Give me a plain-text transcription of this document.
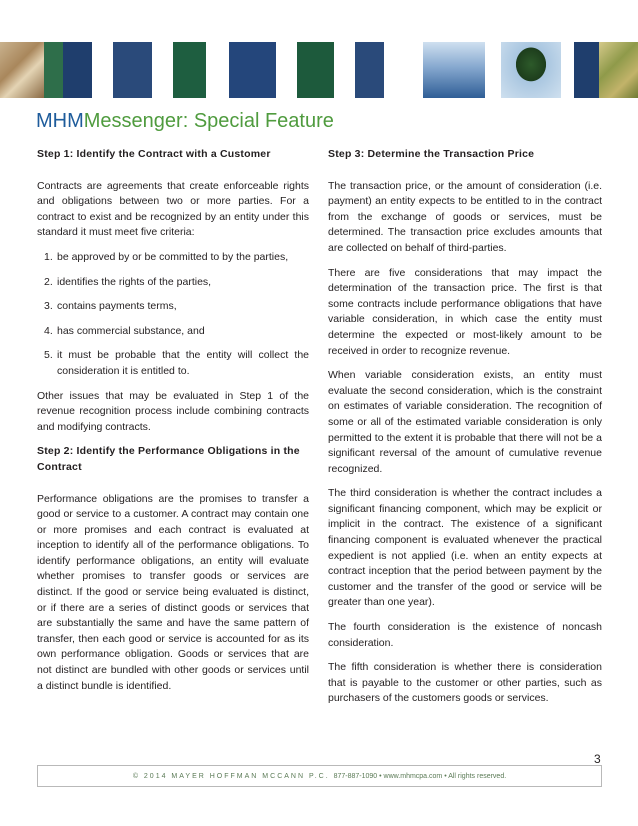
MHMMessenger: Special Feature
Step 1: Identify the Contract with a Customer

Contracts are agreements that create enforceable rights and obligations between two or more parties. For a contract to exist and be recognized by an entity under this standard it must meet five criteria:

1. be approved by or be committed to by the parties,
2. identifies the rights of the parties,
3. contains payments terms,
4. has commercial substance, and
5. it must be probable that the entity will collect the consideration it is entitled to.

Other issues that may be evaluated in Step 1 of the revenue recognition process include combining contracts and modifying contracts.

Step 2: Identify the Performance Obligations in the Contract

Performance obligations are the promises to transfer a good or service to a customer. A contract may contain one or more promises and each contract is evaluated at inception to identify all of the performance obligations. To identify performance obligations, an entity will evaluate whether promises to transfer goods or services are distinct. If the good or service being evaluated is distinct, or if there are a series of distinct goods or services that are substantially the same and have the same pattern of transfer, then each good or service is accounted for as its own performance obligation. Goods or services that are not distinct are bundled with other goods or services until a distinct bundle is identified.

Step 3: Determine the Transaction Price

The transaction price, or the amount of consideration (i.e. payment) an entity expects to be entitled to in the contract from the exchange of goods or services, must be determined. The transaction price excludes amounts that are collected on behalf of third-parties.

There are five considerations that may impact the determination of the transaction price. The first is that some contracts include performance obligations that have variable consideration, in which case the entity must determine the expected or most-likely amount to be received in order to recognize revenue.

When variable consideration exists, an entity must evaluate the second consideration, which is the constraint on estimates of variable consideration. The recognition of some or all of the estimated variable consideration is only permitted to the extent it is probable that there will not be a significant reversal of the amount of cumulative revenue recognized.

The third consideration is whether the contract includes a significant financing component, which may be explicit or implicit in the contract. The existence of a significant financing component is evaluated whenever the practical expedient is not applied (i.e. when an entity expects at contract inception that the period between payment by the customer and the transfer of the good or service will be greater than one year).

The fourth consideration is the existence of noncash consideration.

The fifth consideration is whether there is consideration that is payable to the customer or other parties, such as purchasers of the customers goods or services.

3
© 2014 MAYER HOFFMAN MCCANN P.C.
877-887-1090 • www.mhmcpa.com • All rights reserved.
